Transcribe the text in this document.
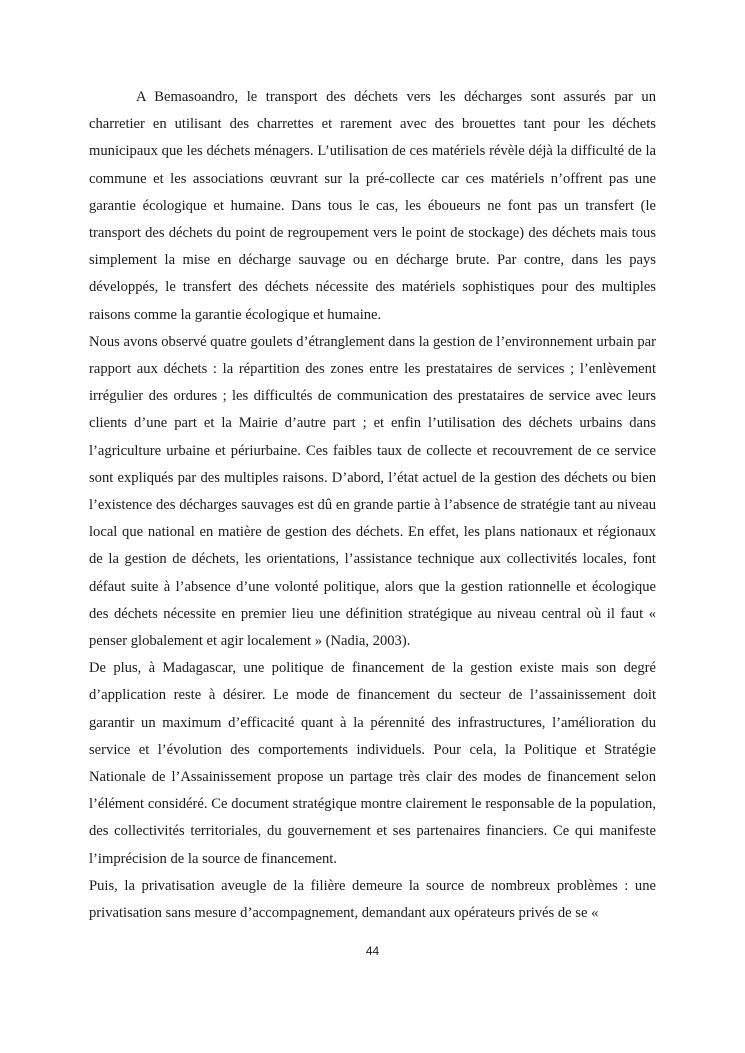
A Bemasoandro, le transport des déchets vers les décharges sont assurés par un charretier en utilisant des charrettes et rarement avec des brouettes tant pour les déchets municipaux que les déchets ménagers. L’utilisation de ces matériels révèle déjà la difficulté de la commune et les associations œuvrant sur la pré-collecte car ces matériels n’offrent pas une garantie écologique et humaine. Dans tous le cas, les éboueurs ne font pas un transfert (le transport des déchets du point de regroupement vers le point de stockage) des déchets mais tous simplement la mise en décharge sauvage ou en décharge brute. Par contre, dans les pays développés, le transfert des déchets nécessite des matériels sophistiques pour des multiples raisons comme la garantie écologique et humaine.

Nous avons observé quatre goulets d’étranglement dans la gestion de l’environnement urbain par rapport aux déchets : la répartition des zones entre les prestataires de services ; l’enlèvement irrégulier des ordures ; les difficultés de communication des prestataires de service avec leurs clients d’une part et la Mairie d’autre part ; et enfin l’utilisation des déchets urbains dans l’agriculture urbaine et périurbaine. Ces faibles taux de collecte et recouvrement de ce service sont expliqués par des multiples raisons. D’abord, l’état actuel de la gestion des déchets ou bien l’existence des décharges sauvages est dû en grande partie à l’absence de stratégie tant au niveau local que national en matière de gestion des déchets. En effet, les plans nationaux et régionaux de la gestion de déchets, les orientations, l’assistance technique aux collectivités locales, font défaut suite à l’absence d’une volonté politique, alors que la gestion rationnelle et écologique des déchets nécessite en premier lieu une définition stratégique au niveau central où il faut « penser globalement et agir localement » (Nadia, 2003).

De plus, à Madagascar, une politique de financement de la gestion existe mais son degré d’application reste à désirer. Le mode de financement du secteur de l’assainissement doit garantir un maximum d’efficacité quant à la pérennité des infrastructures, l’amélioration du service et l’évolution des comportements individuels. Pour cela, la Politique et Stratégie Nationale de l’Assainissement propose un partage très clair des modes de financement selon l’élément considéré. Ce document stratégique montre clairement le responsable de la population, des collectivités territoriales, du gouvernement et ses partenaires financiers. Ce qui manifeste l’imprécision de la source de financement.

Puis, la privatisation aveugle de la filière demeure la source de nombreux problèmes : une privatisation sans mesure d’accompagnement, demandant aux opérateurs privés de se «

44
